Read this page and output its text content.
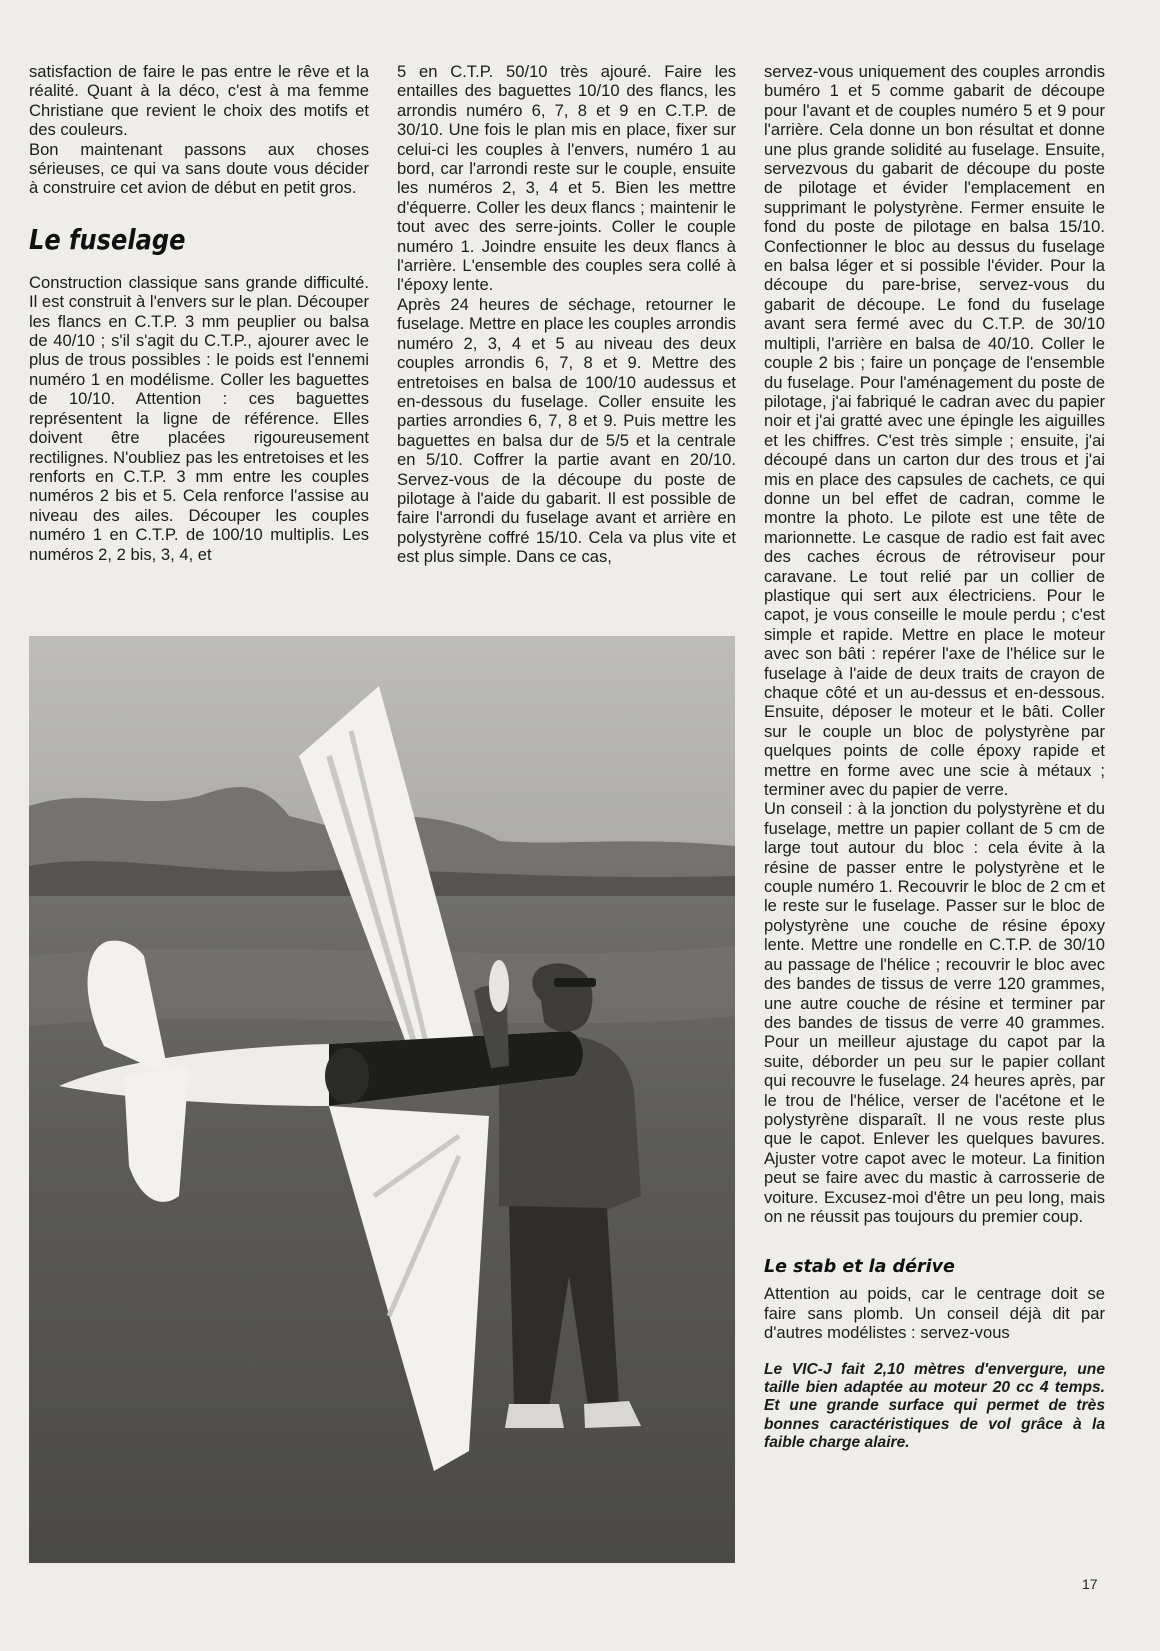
satisfaction de faire le pas entre le rêve et la réalité. Quant à la déco, c'est à ma femme Christiane que revient le choix des motifs et des couleurs.

Bon maintenant passons aux choses sérieuses, ce qui va sans doute vous décider à construire cet avion de début en petit gros.

Le fuselage

Construction classique sans grande difficulté. Il est construit à l'envers sur le plan. Découper les flancs en C.T.P. 3 mm peuplier ou balsa de 40/10 ; s'il s'agit du C.T.P., ajourer avec le plus de trous possibles : le poids est l'ennemi numéro 1 en modélisme. Coller les baguettes de 10/10. Attention : ces baguettes représentent la ligne de référence. Elles doivent être placées rigoureusement rectilignes. N'oubliez pas les entretoises et les renforts en C.T.P. 3 mm entre les couples numéros 2 bis et 5. Cela renforce l'assise au niveau des ailes. Découper les couples numéro 1 en C.T.P. de 100/10 multiplis. Les numéros 2, 2 bis, 3, 4, et

5 en C.T.P. 50/10 très ajouré. Faire les entailles des baguettes 10/10 des flancs, les arrondis numéro 6, 7, 8 et 9 en C.T.P. de 30/10. Une fois le plan mis en place, fixer sur celui-ci les couples à l'envers, numéro 1 au bord, car l'arrondi reste sur le couple, ensuite les numéros 2, 3, 4 et 5. Bien les mettre d'équerre. Coller les deux flancs ; maintenir le tout avec des serre-joints. Coller le couple numéro 1. Joindre ensuite les deux flancs à l'arrière. L'ensemble des couples sera collé à l'époxy lente.

Après 24 heures de séchage, retourner le fuselage. Mettre en place les couples arrondis numéro 2, 3, 4 et 5 au niveau des deux couples arrondis 6, 7, 8 et 9. Mettre des entretoises en balsa de 100/10 audessus et en-dessous du fuselage. Coller ensuite les parties arrondies 6, 7, 8 et 9. Puis mettre les baguettes en balsa dur de 5/5 et la centrale en 5/10. Coffrer la partie avant en 20/10. Servez-vous de la découpe du poste de pilotage à l'aide du gabarit. Il est possible de faire l'arrondi du fuselage avant et arrière en polystyrène coffré 15/10. Cela va plus vite et est plus simple. Dans ce cas,

servez-vous uniquement des couples arrondis buméro 1 et 5 comme gabarit de découpe pour l'avant et de couples numéro 5 et 9 pour l'arrière. Cela donne un bon résultat et donne une plus grande solidité au fuselage. Ensuite, servezvous du gabarit de découpe du poste de pilotage et évider l'emplacement en supprimant le polystyrène. Fermer ensuite le fond du poste de pilotage en balsa 15/10. Confectionner le bloc au dessus du fuselage en balsa léger et si possible l'évider. Pour la découpe du pare-brise, servez-vous du gabarit de découpe. Le fond du fuselage avant sera fermé avec du C.T.P. de 30/10 multipli, l'arrière en balsa de 40/10. Coller le couple 2 bis ; faire un ponçage de l'ensemble du fuselage. Pour l'aménagement du poste de pilotage, j'ai fabriqué le cadran avec du papier noir et j'ai gratté avec une épingle les aiguilles et les chiffres. C'est très simple ; ensuite, j'ai découpé dans un carton dur des trous et j'ai mis en place des capsules de cachets, ce qui donne un bel effet de cadran, comme le montre la photo. Le pilote est une tête de marionnette. Le casque de radio est fait avec des caches écrous de rétroviseur pour caravane. Le tout relié par un collier de plastique qui sert aux électriciens. Pour le capot, je vous conseille le moule perdu ; c'est simple et rapide. Mettre en place le moteur avec son bâti : repérer l'axe de l'hélice sur le fuselage à l'aide de deux traits de crayon de chaque côté et un au-dessus et en-dessous. Ensuite, déposer le moteur et le bâti. Coller sur le couple un bloc de polystyrène par quelques points de colle époxy rapide et mettre en forme avec une scie à métaux ; terminer avec du papier de verre.

Un conseil : à la jonction du polystyrène et du fuselage, mettre un papier collant de 5 cm de large tout autour du bloc : cela évite à la résine de passer entre le polystyrène et le couple numéro 1. Recouvrir le bloc de 2 cm et le reste sur le fuselage. Passer sur le bloc de polystyrène une couche de résine époxy lente. Mettre une rondelle en C.T.P. de 30/10 au passage de l'hélice ; recouvrir le bloc avec des bandes de tissus de verre 120 grammes, une autre couche de résine et terminer par des bandes de tissus de verre 40 grammes. Pour un meilleur ajustage du capot par la suite, déborder un peu sur le papier collant qui recouvre le fuselage. 24 heures après, par le trou de l'hélice, verser de l'acétone et le polystyrène disparaît. Il ne vous reste plus que le capot. Enlever les quelques bavures. Ajuster votre capot avec le moteur. La finition peut se faire avec du mastic à carrosserie de voiture. Excusez-moi d'être un peu long, mais on ne réussit pas toujours du premier coup.

Le stab et la dérive

Attention au poids, car le centrage doit se faire sans plomb. Un conseil déjà dit par d'autres modélistes : servez-vous

Le VIC-J fait 2,10 mètres d'envergure, une taille bien adaptée au moteur 20 cc 4 temps. Et une grande surface qui permet de très bonnes caractéristiques de vol grâce à la faible charge alaire.
17
